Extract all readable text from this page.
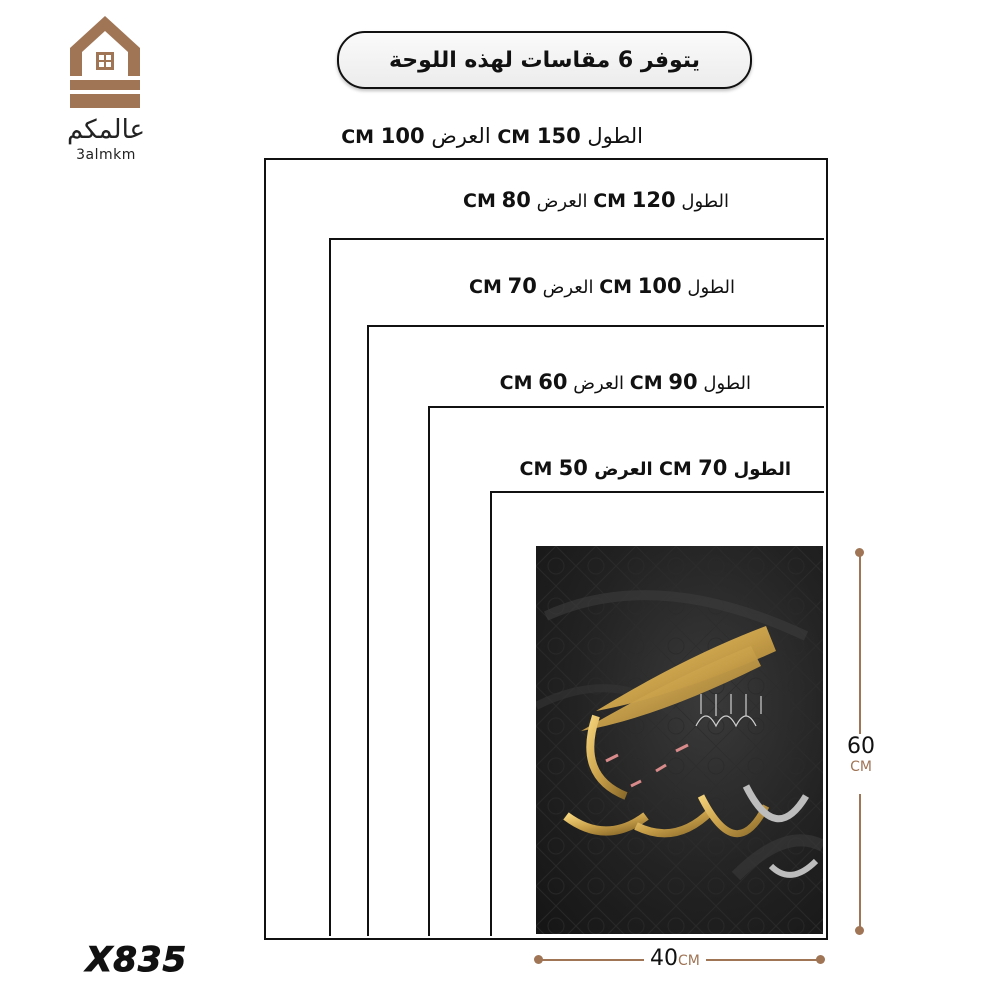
عالمكم
3almkm
يتوفر 6 مقاسات لهذه اللوحة
الطول 150 CM العرض 100 CM
الطول 120 CM العرض 80 CM
الطول 100 CM العرض 70 CM
الطول 90 CM العرض 60 CM
الطول 70 CM العرض 50 CM
60
CM
40CM
X835
